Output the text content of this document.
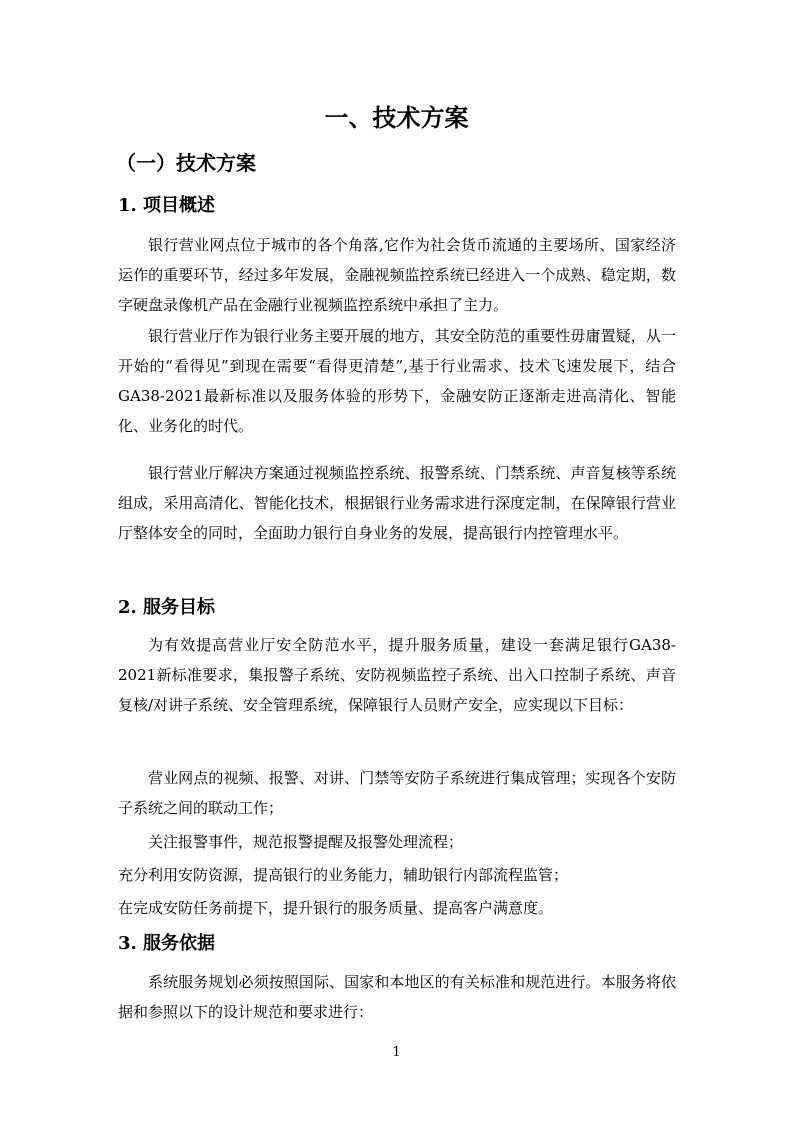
一、技术方案
（一）技术方案
1. 项目概述

银行营业网点位于城市的各个角落,它作为社会货币流通的主要场所、国家经济运作的重要环节，经过多年发展，金融视频监控系统已经进入一个成熟、稳定期，数字硬盘录像机产品在金融行业视频监控系统中承担了主力。

银行营业厅作为银行业务主要开展的地方，其安全防范的重要性毋庸置疑，从一开始的“看得见”到现在需要“看得更清楚”,基于行业需求、技术飞速发展下，结合GA38-2021最新标准以及服务体验的形势下，金融安防正逐渐走进高清化、智能化、业务化的时代。

银行营业厅解决方案通过视频监控系统、报警系统、门禁系统、声音复核等系统组成，采用高清化、智能化技术，根据银行业务需求进行深度定制，在保障银行营业厅整体安全的同时，全面助力银行自身业务的发展，提高银行内控管理水平。

2. 服务目标

为有效提高营业厅安全防范水平，提升服务质量，建设一套满足银行GA38-2021新标准要求，集报警子系统、安防视频监控子系统、出入口控制子系统、声音复核/对讲子系统、安全管理系统，保障银行人员财产安全，应实现以下目标：

营业网点的视频、报警、对讲、门禁等安防子系统进行集成管理；实现各个安防子系统之间的联动工作；

关注报警事件，规范报警提醒及报警处理流程；

充分利用安防资源，提高银行的业务能力，辅助银行内部流程监管；

在完成安防任务前提下，提升银行的服务质量、提高客户满意度。

3. 服务依据

系统服务规划必须按照国际、国家和本地区的有关标准和规范进行。本服务将依据和参照以下的设计规范和要求进行：

1
